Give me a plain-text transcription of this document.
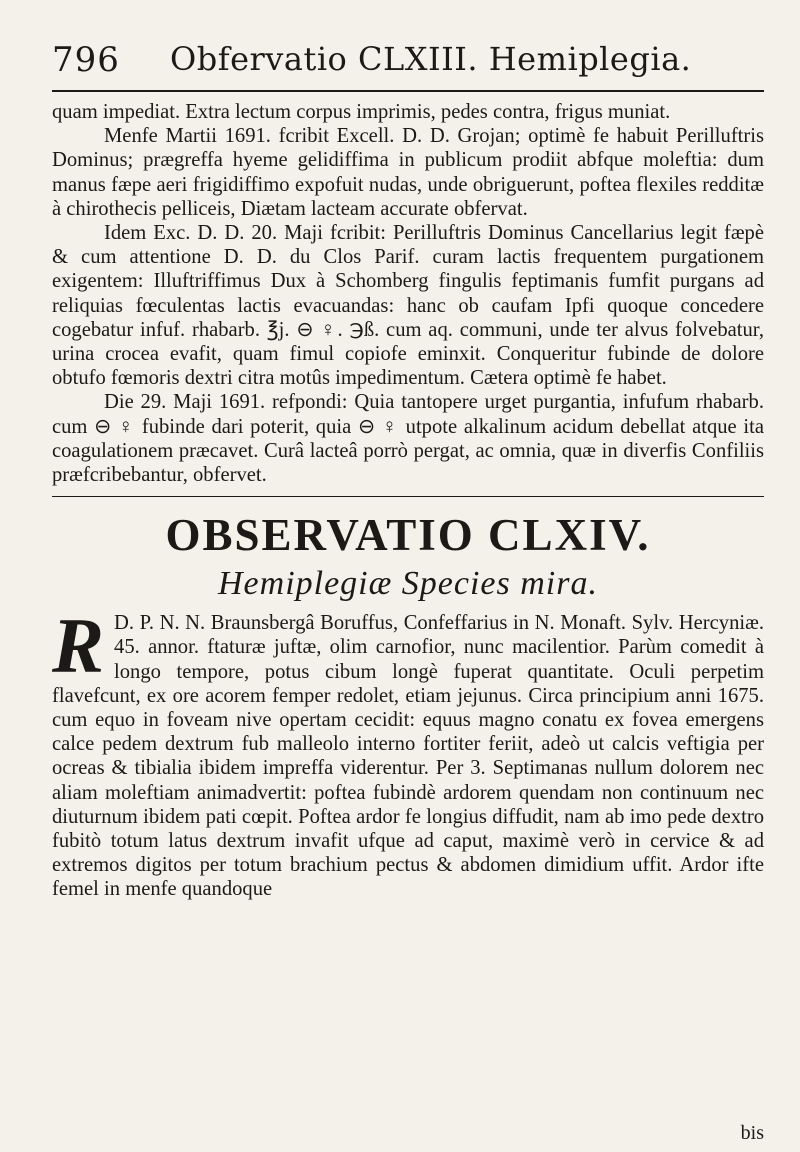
796 Obfervatio CLXIII. Hemiplegia.

quam impediat. Extra lectum corpus imprimis, pedes contra, frigus muniat.

Menfe Martii 1691. fcribit Excell. D. D. Grojan; optimè fe habuit Perilluftris Dominus; prægreffa hyeme gelidiffima in publicum prodiit abfque moleftia: dum manus fæpe aeri frigidiffimo expofuit nudas, unde obriguerunt, poftea flexiles redditæ à chirothecis pelliceis, Diætam lacteam accurate obfervat.

Idem Exc. D. D. 20. Maji fcribit: Perilluftris Dominus Cancellarius legit fæpè & cum attentione D. D. du Clos Parif. curam lactis frequentem purgationem exigentem: Illuftriffimus Dux à Schomberg fingulis feptimanis fumfit purgans ad reliquias fœculentas lactis evacuandas: hanc ob caufam Ipfi quoque concedere cogebatur infuf. rhabarb. ℥j. ⊖ ♀. ℈ß. cum aq. communi, unde ter alvus folvebatur, urina crocea evafit, quam fimul copiofe eminxit. Conqueritur fubinde de dolore obtufo fœmoris dextri citra motûs impedimentum. Cætera optimè fe habet.

Die 29. Maji 1691. refpondi: Quia tantopere urget purgantia, infufum rhabarb. cum ⊖ ♀ fubinde dari poterit, quia ⊖ ♀ utpote alkalinum acidum debellat atque ita coagulationem præcavet. Curâ lacteâ porrò pergat, ac omnia, quæ in diverfis Confiliis præfcribebantur, obfervet.

OBSERVATIO CLXIV.
Hemiplegiæ Species mira.

R D. P. N. N. Braunsbergâ Boruffus, Confeffarius in N. Monaft. Sylv. Hercyniæ. 45. annor. ftaturæ juftæ, olim carnofior, nunc macilentior. Parùm comedit à longo tempore, potus cibum longè fuperat quantitate. Oculi perpetim flavefcunt, ex ore acorem femper redolet, etiam jejunus. Circa principium anni 1675. cum equo in foveam nive opertam cecidit: equus magno conatu ex fovea emergens calce pedem dextrum fub malleolo interno fortiter feriit, adeò ut calcis veftigia per ocreas & tibialia ibidem impreffa viderentur. Per 3. Septimanas nullum dolorem nec aliam moleftiam animadvertit: poftea fubindè ardorem quendam non continuum nec diuturnum ibidem pati cœpit. Poftea ardor fe longius diffudit, nam ab imo pede dextro fubitò totum latus dextrum invafit ufque ad caput, maximè verò in cervice & ad extremos digitos per totum brachium pectus & abdomen dimidium uffit. Ardor ifte femel in menfe quandoque

bis
